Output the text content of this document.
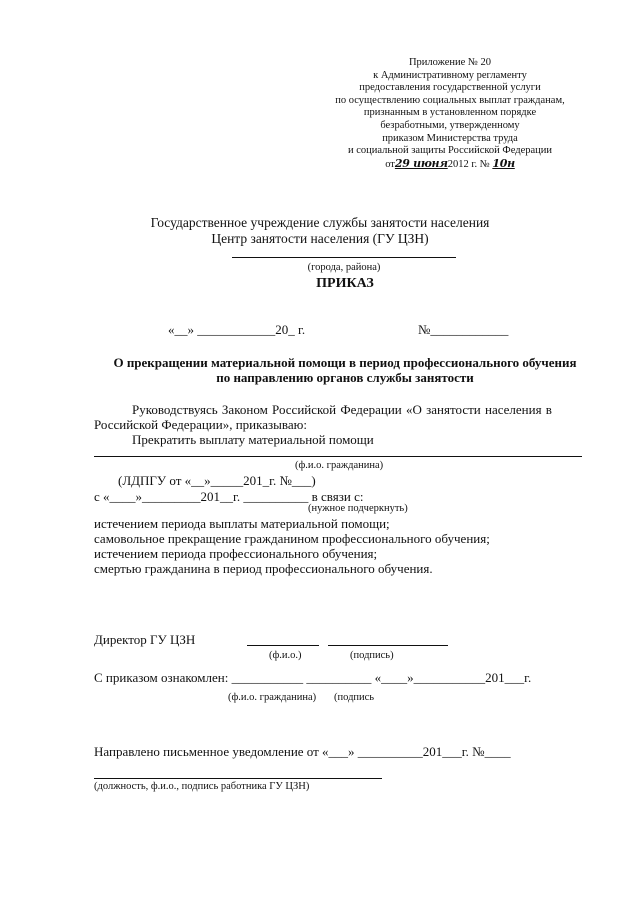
Приложение № 20
к Административному регламенту
предоставления государственной услуги
по осуществлению социальных выплат гражданам,
признанным в установленном порядке
безработными, утвержденному
приказом Министерства труда
и социальной защиты Российской Федерации
от29 июня2012 г. № 10н
Государственное учреждение службы занятости населения
Центр занятости населения (ГУ ЦЗН)
(города, района)
ПРИКАЗ
«__» ____________20_ г.	№____________
О прекращении материальной помощи в период профессионального обучения
по направлению органов службы занятости
Руководствуясь Законом Российской Федерации «О занятости населения в
Российской Федерации», приказываю:
Прекратить выплату материальной помощи
(ф.и.о. гражданина)
(ЛДПГУ от «__»_____201_г. №___)
с «____»_________201__г. __________ в связи с:
(нужное подчеркнуть)
истечением периода выплаты материальной помощи;
самовольное прекращение гражданином профессионального обучения;
истечением периода профессионального обучения;
смертью гражданина в период профессионального обучения.
Директор ГУ ЦЗН
(ф.и.о.)	(подпись)
С приказом ознакомлен: ___________ __________ «____»___________201___г.
(ф.и.о. гражданина) (подпись
Направлено письменное уведомление от «___» __________201___г. №____
(должность, ф.и.о., подпись работника ГУ ЦЗН)
